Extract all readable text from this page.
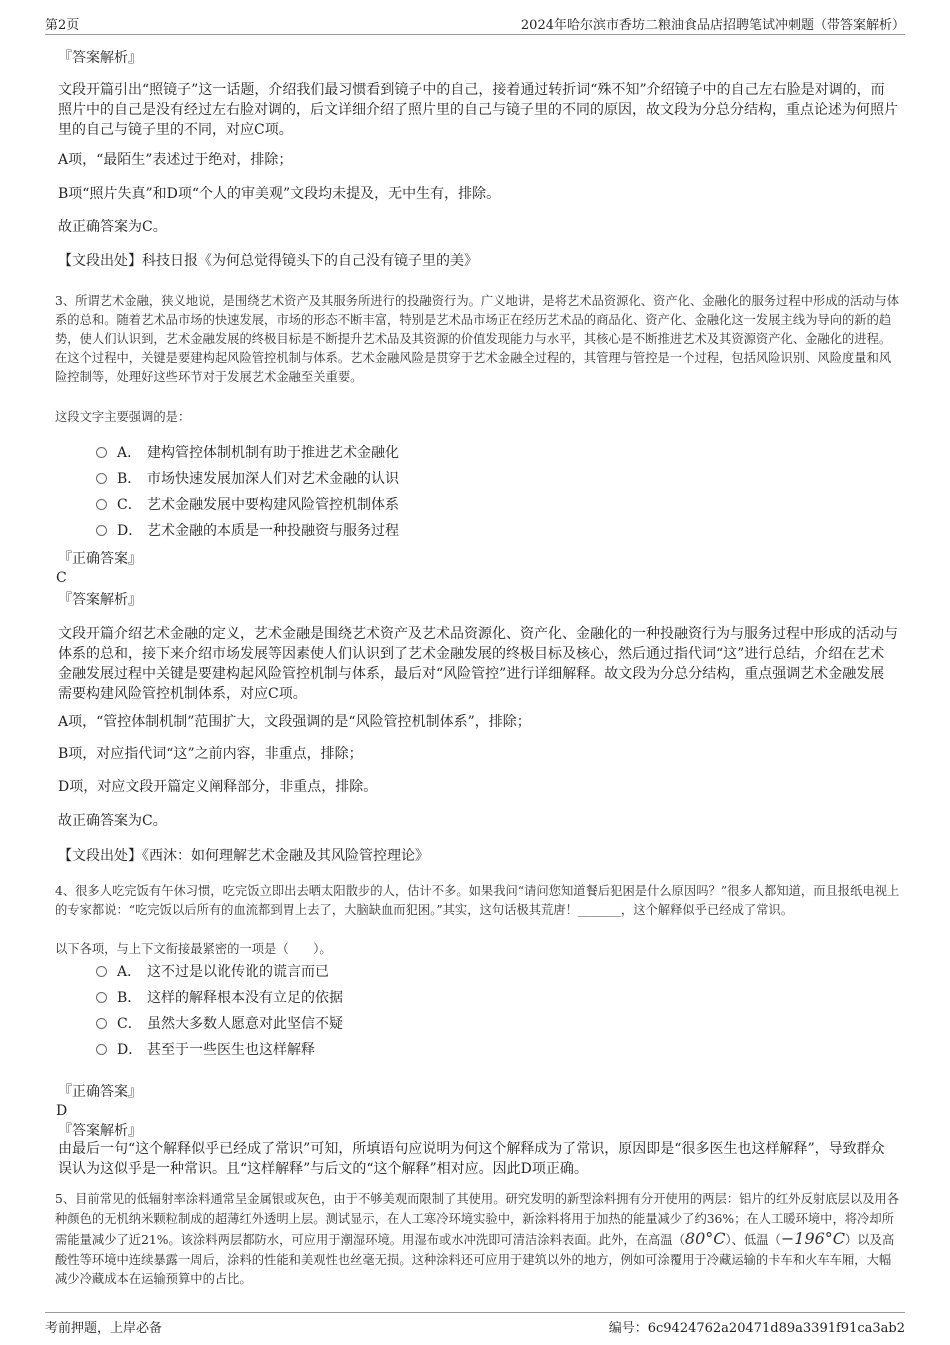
第2页	2024年哈尔滨市香坊二粮油食品店招聘笔试冲刺题（带答案解析）
『答案解析』
文段开篇引出“照镜子”这一话题，介绍我们最习惯看到镜子中的自己，接着通过转折词“殊不知”介绍镜子中的自己左右脸是对调的，而照片中的自己是没有经过左右脸对调的，后文详细介绍了照片里的自己与镜子里的不同的原因，故文段为分总分结构，重点论述为何照片里的自己与镜子里的不同，对应C项。
A项，“最陌生”表述过于绝对，排除；
B项“照片失真”和D项“个人的审美观”文段均未提及，无中生有，排除。
故正确答案为C。
【文段出处】科技日报《为何总觉得镜头下的自己没有镜子里的美》
3、所谓艺术金融，狭义地说，是围绕艺术资产及其服务所进行的投融资行为。广义地讲，是将艺术品资源化、资产化、金融化的服务过程中形成的活动与体系的总和。随着艺术品市场的快速发展，市场的形态不断丰富，特别是艺术品市场正在经历艺术品的商品化、资产化、金融化这一发展主线为导向的新的趋势，使人们认识到，艺术金融发展的终极目标是不断提升艺术品及其资源的价值发现能力与水平，其核心是不断推进艺术及其资源资产化、金融化的进程。在这个过程中，关键是要建构起风险管控机制与体系。艺术金融风险是贯穿于艺术金融全过程的，其管理与管控是一个过程，包括风险识别、风险度量和风险控制等，处理好这些环节对于发展艺术金融至关重要。
这段文字主要强调的是：
A． 建构管控体制机制有助于推进艺术金融化
B． 市场快速发展加深人们对艺术金融的认识
C． 艺术金融发展中要构建风险管控机制体系
D． 艺术金融的本质是一种投融资与服务过程
『正确答案』
C
『答案解析』
文段开篇介绍艺术金融的定义，艺术金融是围绕艺术资产及艺术品资源化、资产化、金融化的一种投融资行为与服务过程中形成的活动与体系的总和，接下来介绍市场发展等因素使人们认识到了艺术金融发展的终极目标及核心，然后通过指代词“这”进行总结，介绍在艺术金融发展过程中关键是要建构起风险管控机制与体系，最后对“风险管控”进行详细解释。故文段为分总分结构，重点强调艺术金融发展需要构建风险管控机制体系，对应C项。
A项，“管控体制机制”范围扩大，文段强调的是“风险管控机制体系”，排除；
B项，对应指代词“这”之前内容，非重点，排除；
D项，对应文段开篇定义阐释部分，非重点，排除。
故正确答案为C。
【文段出处】《西沐：如何理解艺术金融及其风险管控理论》
4、很多人吃完饭有午休习惯，吃完饭立即出去晒太阳散步的人，估计不多。如果我问“请问您知道餐后犯困是什么原因吗？”很多人都知道，而且报纸电视上的专家都说：“吃完饭以后所有的血流都到胃上去了，大脑缺血而犯困。”其实，这句话极其荒唐！_______，这个解释似乎已经成了常识。
以下各项，与上下文衔接最紧密的一项是（　　）。
A． 这不过是以讹传讹的谎言而已
B． 这样的解释根本没有立足的依据
C． 虽然大多数人愿意对此坚信不疑
D． 甚至于一些医生也这样解释
『正确答案』
D
『答案解析』
由最后一句“这个解释似乎已经成了常识”可知，所填语句应说明为何这个解释成为了常识，原因即是“很多医生也这样解释”，导致群众误认为这似乎是一种常识。且“这样解释”与后文的“这个解释”相对应。因此D项正确。
5、目前常见的低辐射率涂料通常呈金属银或灰色，由于不够美观而限制了其使用。研究发明的新型涂料拥有分开使用的两层：铝片的红外反射底层以及用各种颜色的无机纳米颗粒制成的超薄红外透明上层。测试显示，在人工寒冷环境实验中，新涂料将用于加热的能量减少了约36%；在人工暖环境中，将冷却所需能量减少了近21%。该涂料两层都防水，可应用于潮湿环境。用湿布或水冲洗即可清洁涂料表面。此外，在高温（80°C）、低温（−196°C）以及高酸性等环境中连续暴露一周后，涂料的性能和美观性也丝毫无损。这种涂料还可应用于建筑以外的地方，例如可涂覆用于冷藏运输的卡车和火车车厢，大幅减少冷藏成本在运输预算中的占比。
考前押题，上岸必备	编号：6c9424762a20471d89a3391f91ca3ab2
